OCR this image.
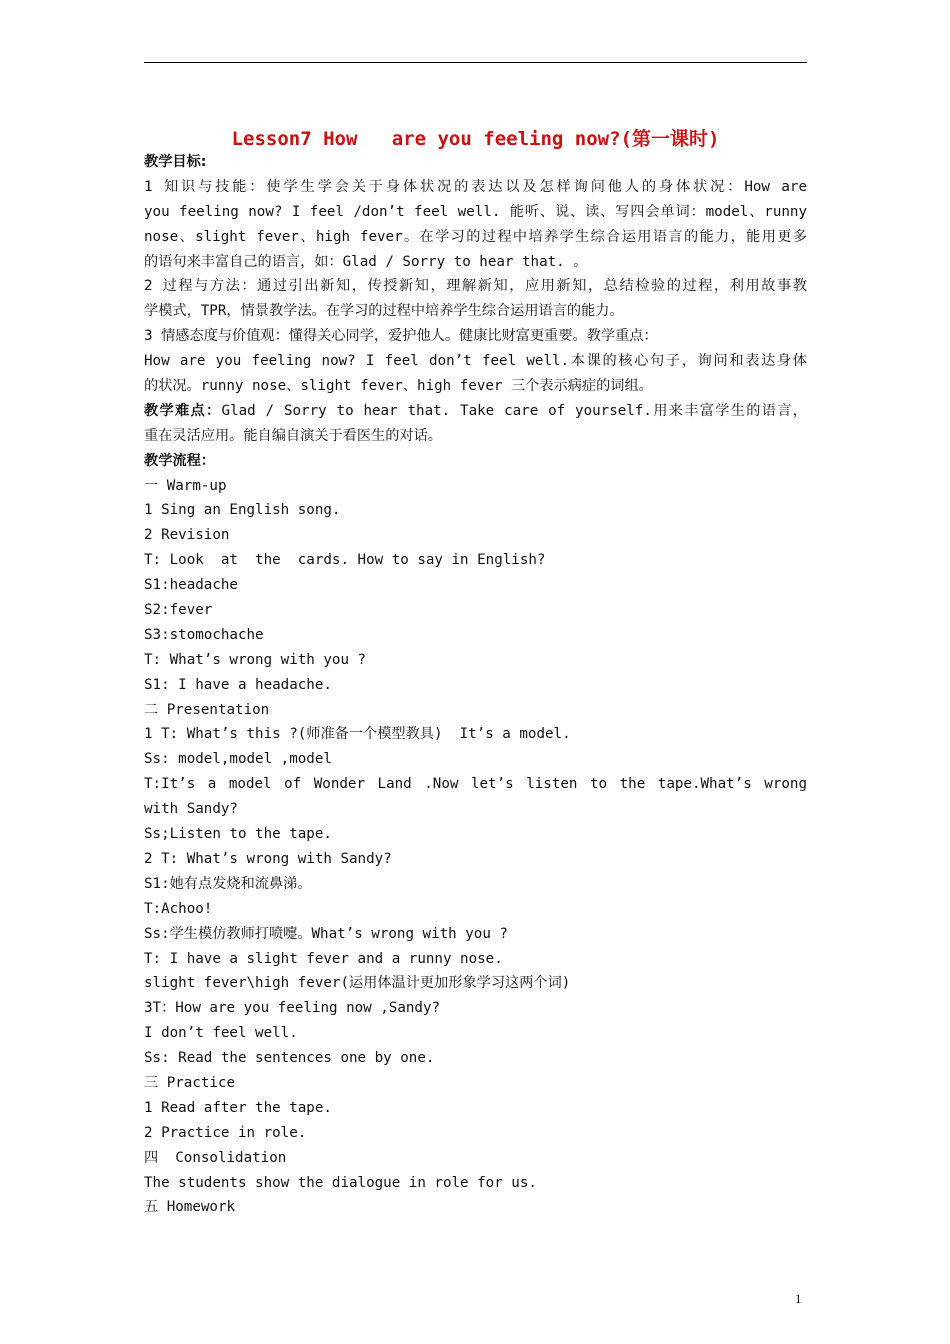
Lesson7 How   are you feeling now?(第一课时)
教学目标:
1 知识与技能：使学生学会关于身体状况的表达以及怎样询问他人的身体状况：How are
you feeling now? I feel /don’t feel well. 能听、说、读、写四会单词：model、runny
nose、slight fever、high fever。在学习的过程中培养学生综合运用语言的能力，能用更多
的语句来丰富自己的语言，如：Glad / Sorry to hear that. 。
2 过程与方法：通过引出新知，传授新知，理解新知，应用新知，总结检验的过程，利用故事教
学模式，TPR，情景教学法。在学习的过程中培养学生综合运用语言的能力。
3 情感态度与价值观：懂得关心同学，爱护他人。健康比财富更重要。教学重点：
How are you feeling now? I feel don’t feel well.本课的核心句子，询问和表达身体
的状况。runny nose、slight fever、high fever 三个表示病症的词组。
教学难点：Glad / Sorry to hear that. Take care of yourself.用来丰富学生的语言，
重在灵活应用。能自编自演关于看医生的对话。
教学流程：
一 Warm-up
1 Sing an English song.
2 Revision
T: Look  at  the  cards. How to say in English?
S1:headache
S2:fever
S3:stomochache
T: What’s wrong with you ?
S1: I have a headache.
二 Presentation
1 T: What’s this ?(师准备一个模型教具)  It’s a model.
Ss: model,model ,model
T:It’s a model of Wonder Land .Now let’s listen to the tape.What’s wrong
with Sandy?
Ss;Listen to the tape.
2 T: What’s wrong with Sandy?
S1:她有点发烧和流鼻涕。
T:Achoo!
Ss:学生模仿教师打喷嚏。What’s wrong with you ?
T: I have a slight fever and a runny nose.
slight fever\high fever(运用体温计更加形象学习这两个词)
3T：How are you feeling now ,Sandy?
I don’t feel well.
Ss: Read the sentences one by one.
三 Practice
1 Read after the tape.
2 Practice in role.
四  Consolidation
The students show the dialogue in role for us.
五 Homework
1
